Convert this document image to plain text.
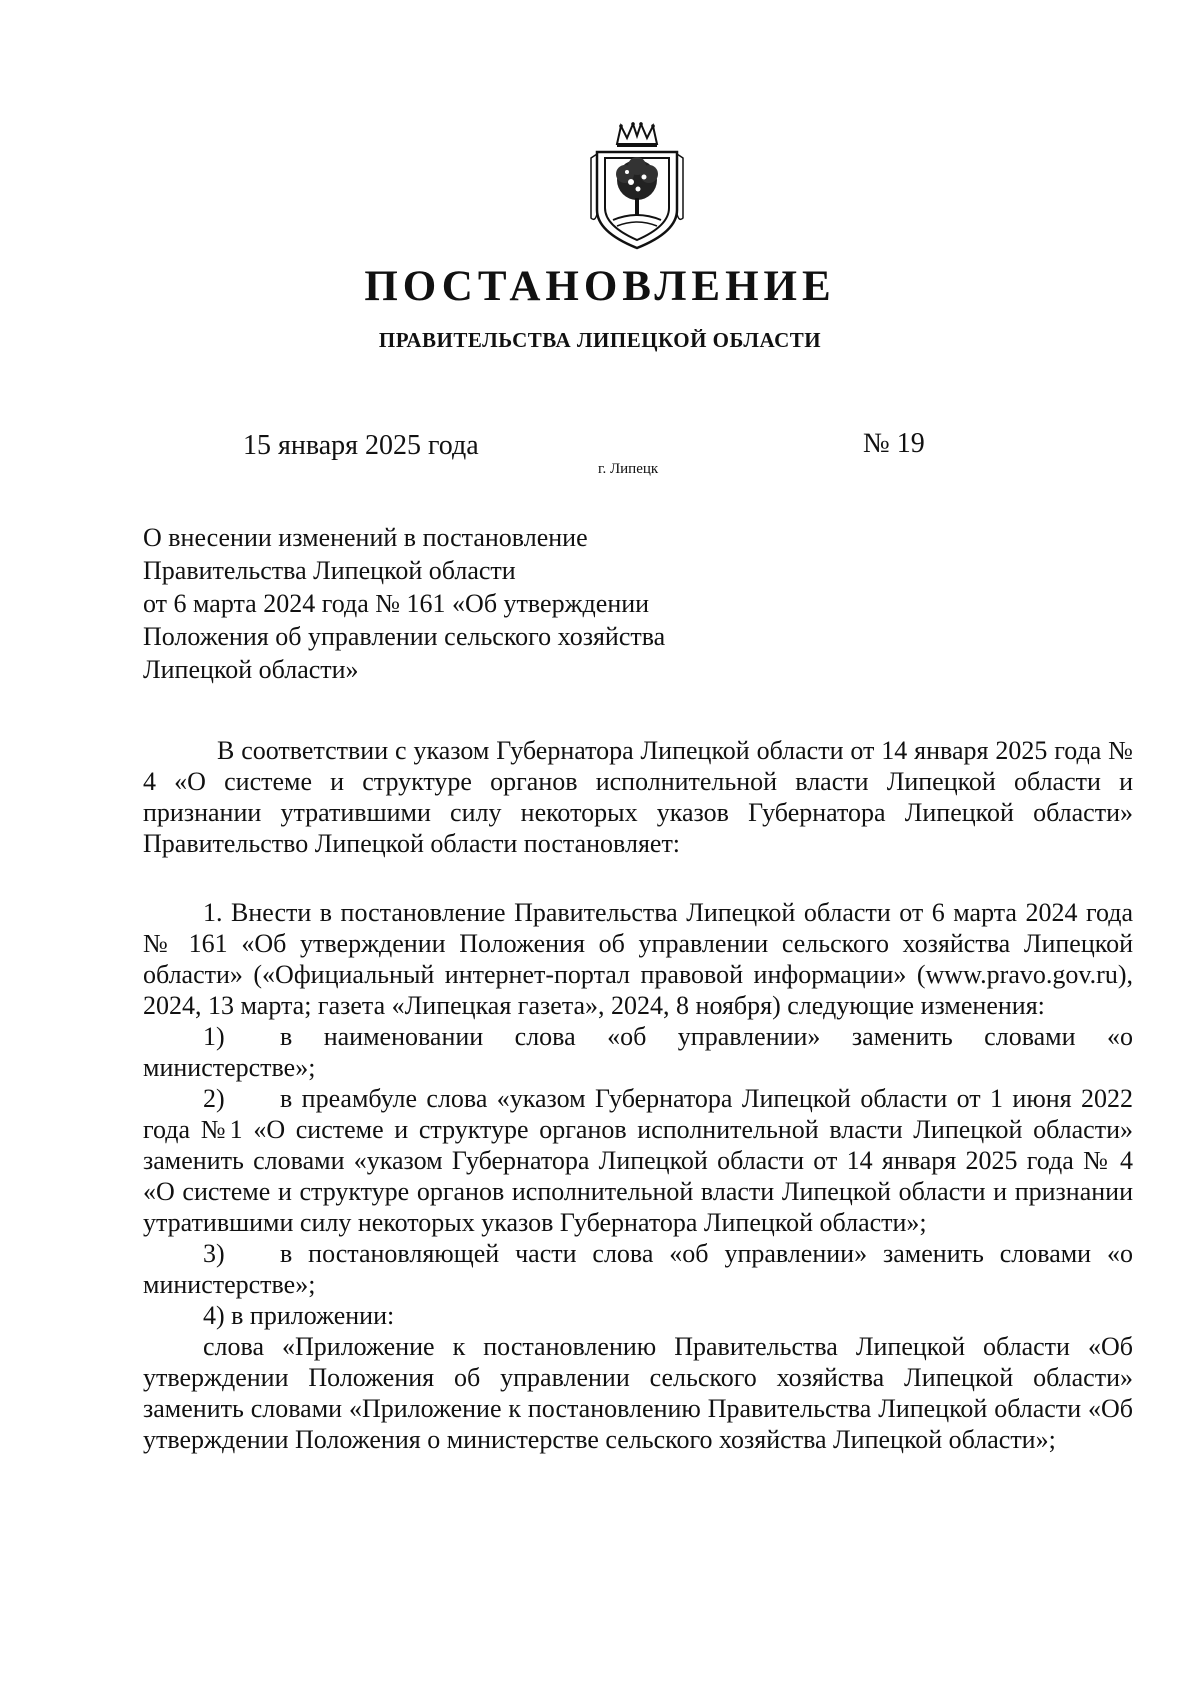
ПОСТАНОВЛЕНИЕ
ПРАВИТЕЛЬСТВА ЛИПЕЦКОЙ ОБЛАСТИ
15 января 2025 года
г. Липецк
№ 19
О внесении изменений в постановление
Правительства Липецкой области
от 6 марта 2024 года № 161 «Об утверждении
Положения об управлении сельского хозяйства
Липецкой области»
В соответствии с указом Губернатора Липецкой области от 14 января 2025 года № 4 «О системе и структуре органов исполнительной власти Липецкой области и признании утратившими силу некоторых указов Губернатора Липецкой области» Правительство Липецкой области постановляет:
1. Внести в постановление Правительства Липецкой области от 6 марта 2024 года № 161 «Об утверждении Положения об управлении сельского хозяйства Липецкой области» («Официальный интернет-портал правовой информации» (www.pravo.gov.ru), 2024, 13 марта; газета «Липецкая газета», 2024, 8 ноября) следующие изменения:
1) в наименовании слова «об управлении» заменить словами «о министерстве»;
2) в преамбуле слова «указом Губернатора Липецкой области от 1 июня 2022 года №1 «О системе и структуре органов исполнительной власти Липецкой области» заменить словами «указом Губернатора Липецкой области от 14 января 2025 года № 4 «О системе и структуре органов исполнительной власти Липецкой области и признании утратившими силу некоторых указов Губернатора Липецкой области»;
3) в постановляющей части слова «об управлении» заменить словами «о министерстве»;
4) в приложении:
слова «Приложение к постановлению Правительства Липецкой области «Об утверждении Положения об управлении сельского хозяйства Липецкой области» заменить словами «Приложение к постановлению Правительства Липецкой области «Об утверждении Положения о министерстве сельского хозяйства Липецкой области»;
